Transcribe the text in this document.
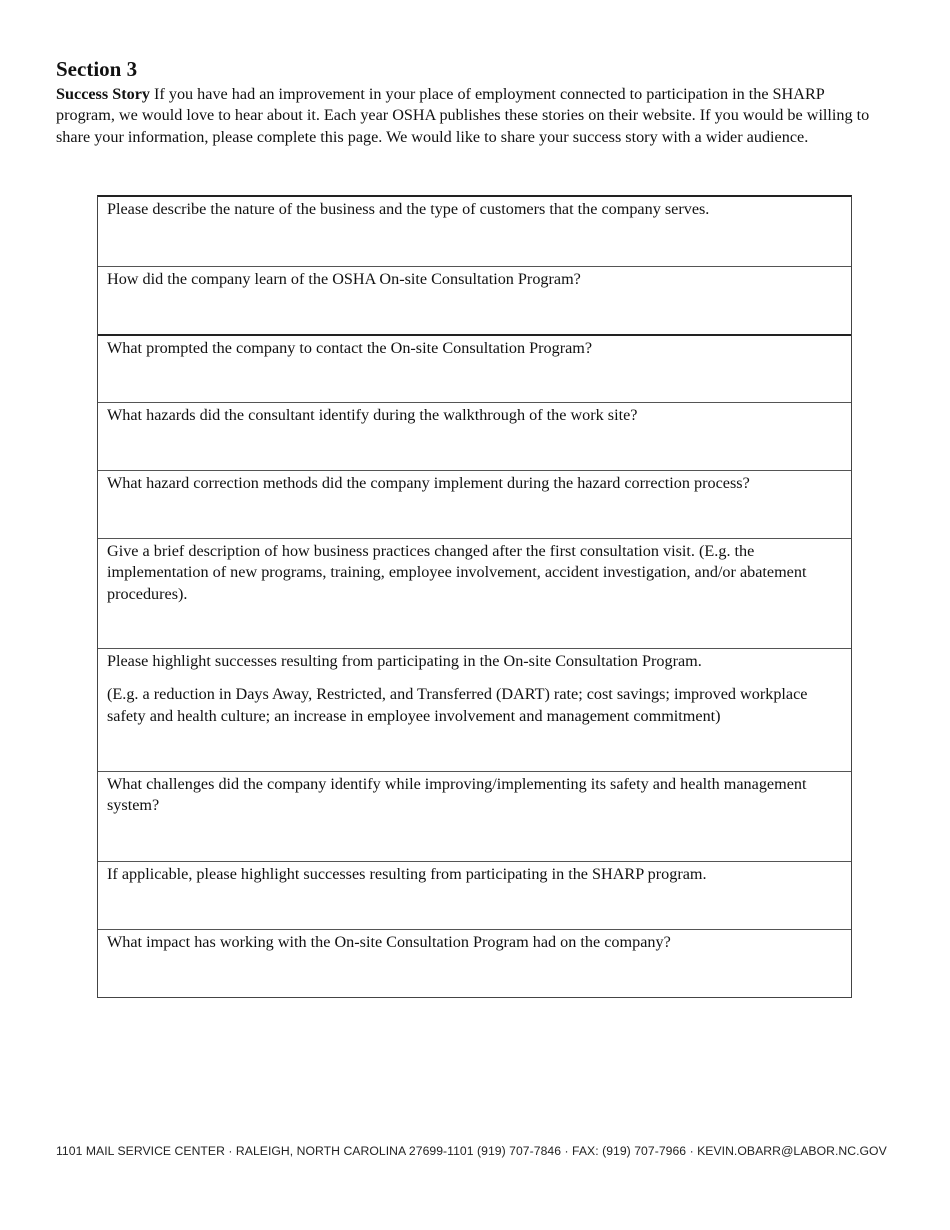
Section 3
Success Story If you have had an improvement in your place of employment connected to participation in the SHARP program, we would love to hear about it. Each year OSHA publishes these stories on their website. If you would be willing to share your information, please complete this page. We would like to share your success story with a wider audience.

Please describe the nature of the business and the type of customers that the company serves.

How did the company learn of the OSHA On-site Consultation Program?

What prompted the company to contact the On-site Consultation Program?

What hazards did the consultant identify during the walkthrough of the work site?

What hazard correction methods did the company implement during the hazard correction process?

Give a brief description of how business practices changed after the first consultation visit. (E.g. the implementation of new programs, training, employee involvement, accident investigation, and/or abatement procedures).

Please highlight successes resulting from participating in the On-site Consultation Program.

(E.g. a reduction in Days Away, Restricted, and Transferred (DART) rate; cost savings; improved workplace safety and health culture; an increase in employee involvement and management commitment)

What challenges did the company identify while improving/implementing its safety and health management system?

If applicable, please highlight successes resulting from participating in the SHARP program.

What impact has working with the On-site Consultation Program had on the company?

1101 MAIL SERVICE CENTER · RALEIGH, NORTH CAROLINA 27699-1101 (919) 707-7846 · FAX: (919) 707-7966 · KEVIN.OBARR@LABOR.NC.GOV
